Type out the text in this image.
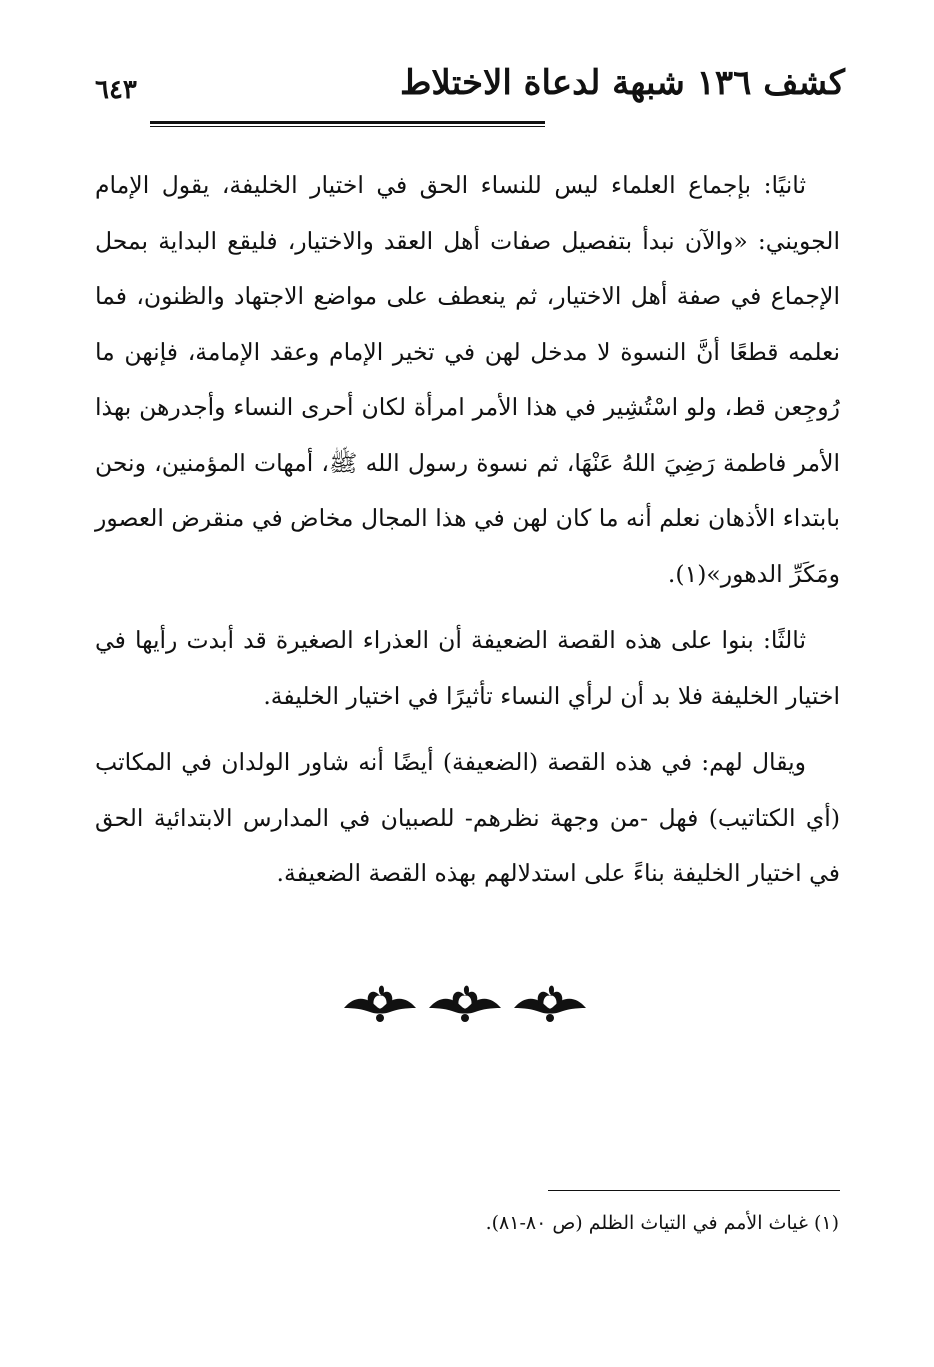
كشف ١٣٦ شبهة لدعاة الاختلاط
٦٤٣

ثانيًا: بإجماع العلماء ليس للنساء الحق في اختيار الخليفة، يقول الإمام الجويني: «والآن نبدأ بتفصيل صفات أهل العقد والاختيار، فليقع البداية بمحل الإجماع في صفة أهل الاختيار، ثم ينعطف على مواضع الاجتهاد والظنون، فما نعلمه قطعًا أنَّ النسوة لا مدخل لهن في تخير الإمام وعقد الإمامة، فإنهن ما رُوجِعن قط، ولو اسْتُشِير في هذا الأمر امرأة لكان أحرى النساء وأجدرهن بهذا الأمر فاطمة رَضِيَ اللهُ عَنْهَا، ثم نسوة رسول الله ﷺ، أمهات المؤمنين، ونحن بابتداء الأذهان نعلم أنه ما كان لهن في هذا المجال مخاض في منقرض العصور ومَكَرِّ الدهور»(١).

ثالثًا: بنوا على هذه القصة الضعيفة أن العذراء الصغيرة قد أبدت رأيها في اختيار الخليفة فلا بد أن لرأي النساء تأثيرًا في اختيار الخليفة.

ويقال لهم: في هذه القصة (الضعيفة) أيضًا أنه شاور الولدان في المكاتب (أي الكتاتيب) فهل -من وجهة نظرهم- للصبيان في المدارس الابتدائية الحق في اختيار الخليفة بناءً على استدلالهم بهذه القصة الضعيفة.

(١) غياث الأمم في التياث الظلم (ص ٨٠-٨١).
